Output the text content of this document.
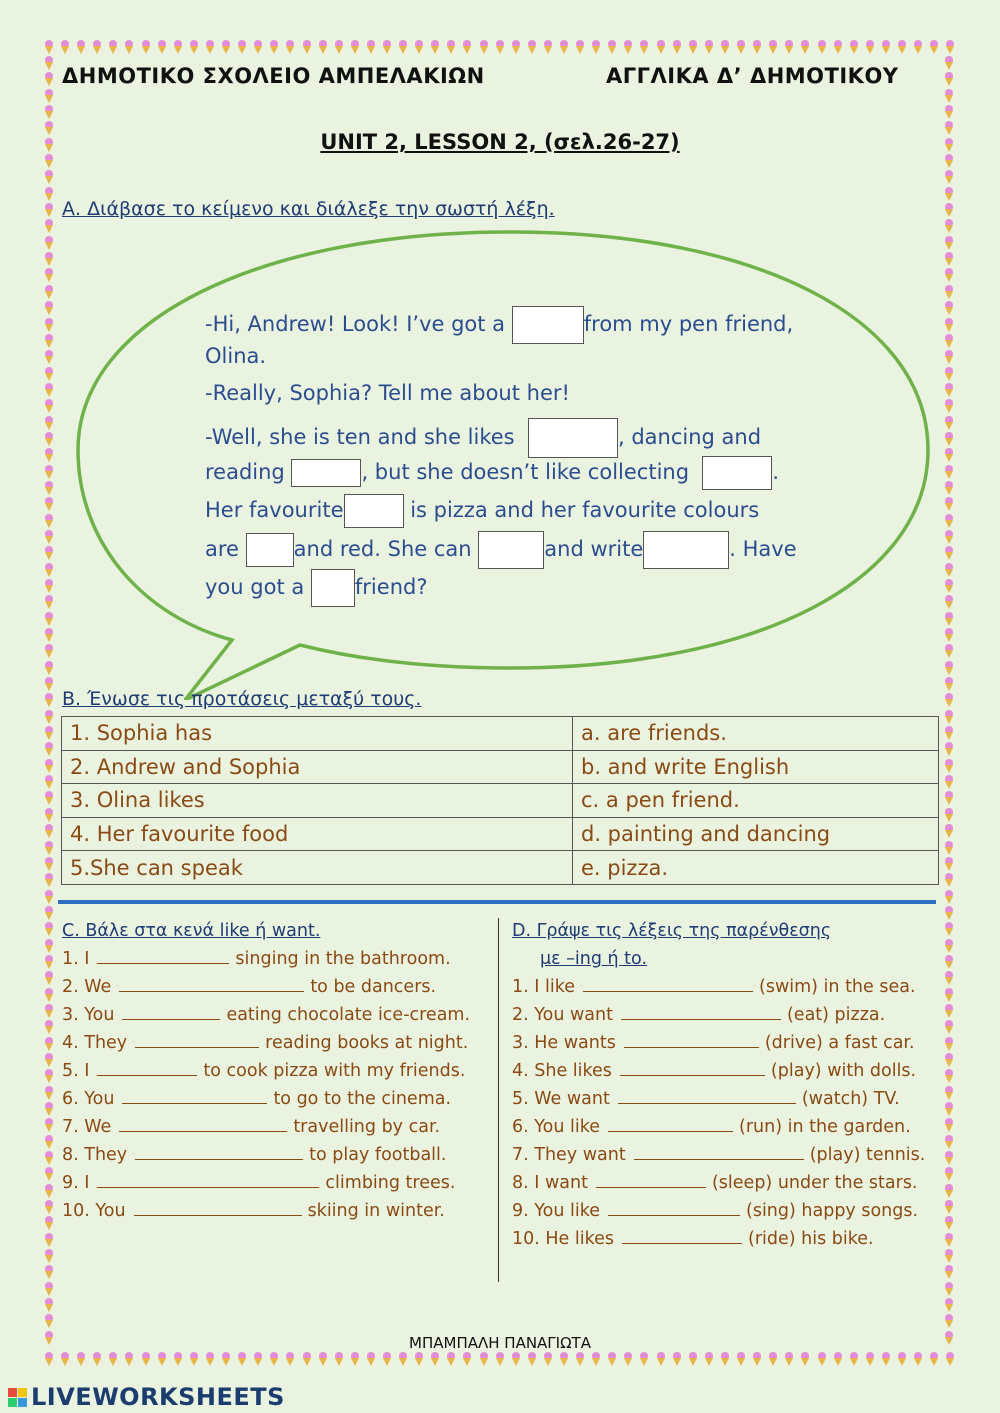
ΔΗΜΟΤΙΚΟ ΣΧΟΛΕΙΟ ΑΜΠΕΛΑΚΙΩΝ	ΑΓΓΛΙΚΑ Δ’ ΔΗΜΟΤΙΚΟΥ
UNIT 2, LESSON 2, (σελ.26-27)
Α. Διάβασε το κείμενο και διάλεξε την σωστή λέξη.
-Hi, Andrew! Look! I’ve got a	from my pen friend,
Olina.
-Really, Sophia? Tell me about her!
-Well, she is ten and she likes	, dancing and
reading	, but she doesn’t like collecting	.
Her favourite	is pizza and her favourite colours
are	and red. She can	and write	. Have
you got a friend?
Β. Ένωσε τις προτάσεις μεταξύ τους.
1. Sophia has	a. are friends.
2. Andrew and Sophia	b. and write English
3. Olina likes	c. a pen friend.
4. Her favourite food	d. painting and dancing
5.She can speak	e. pizza.
C. Βάλε στα κενά like ή want.
1. I	singing in the bathroom.
2. We	to be dancers.
3. You	eating chocolate ice-cream.
4. They	reading books at night.
5. I	to cook pizza with my friends.
6. You	to go to the cinema.
7. We	travelling by car.
8. They	to play football.
9. I	climbing trees.
10. You	skiing in winter.
D. Γράψε τις λέξεις της παρένθεσης
με –ing ή to.
1. I like	(swim) in the sea.
2. You want	(eat) pizza.
3. He wants	(drive) a fast car.
4. She likes	(play) with dolls.
5. We want	(watch) TV.
6. You like	(run) in the garden.
7. They want	(play) tennis.
8. I want	(sleep) under the stars.
9. You like	(sing) happy songs.
10. He likes	(ride) his bike.
ΜΠΑΜΠΑΛΗ ΠΑΝΑΓΙΩΤΑ
LIVEWORKSHEETS
